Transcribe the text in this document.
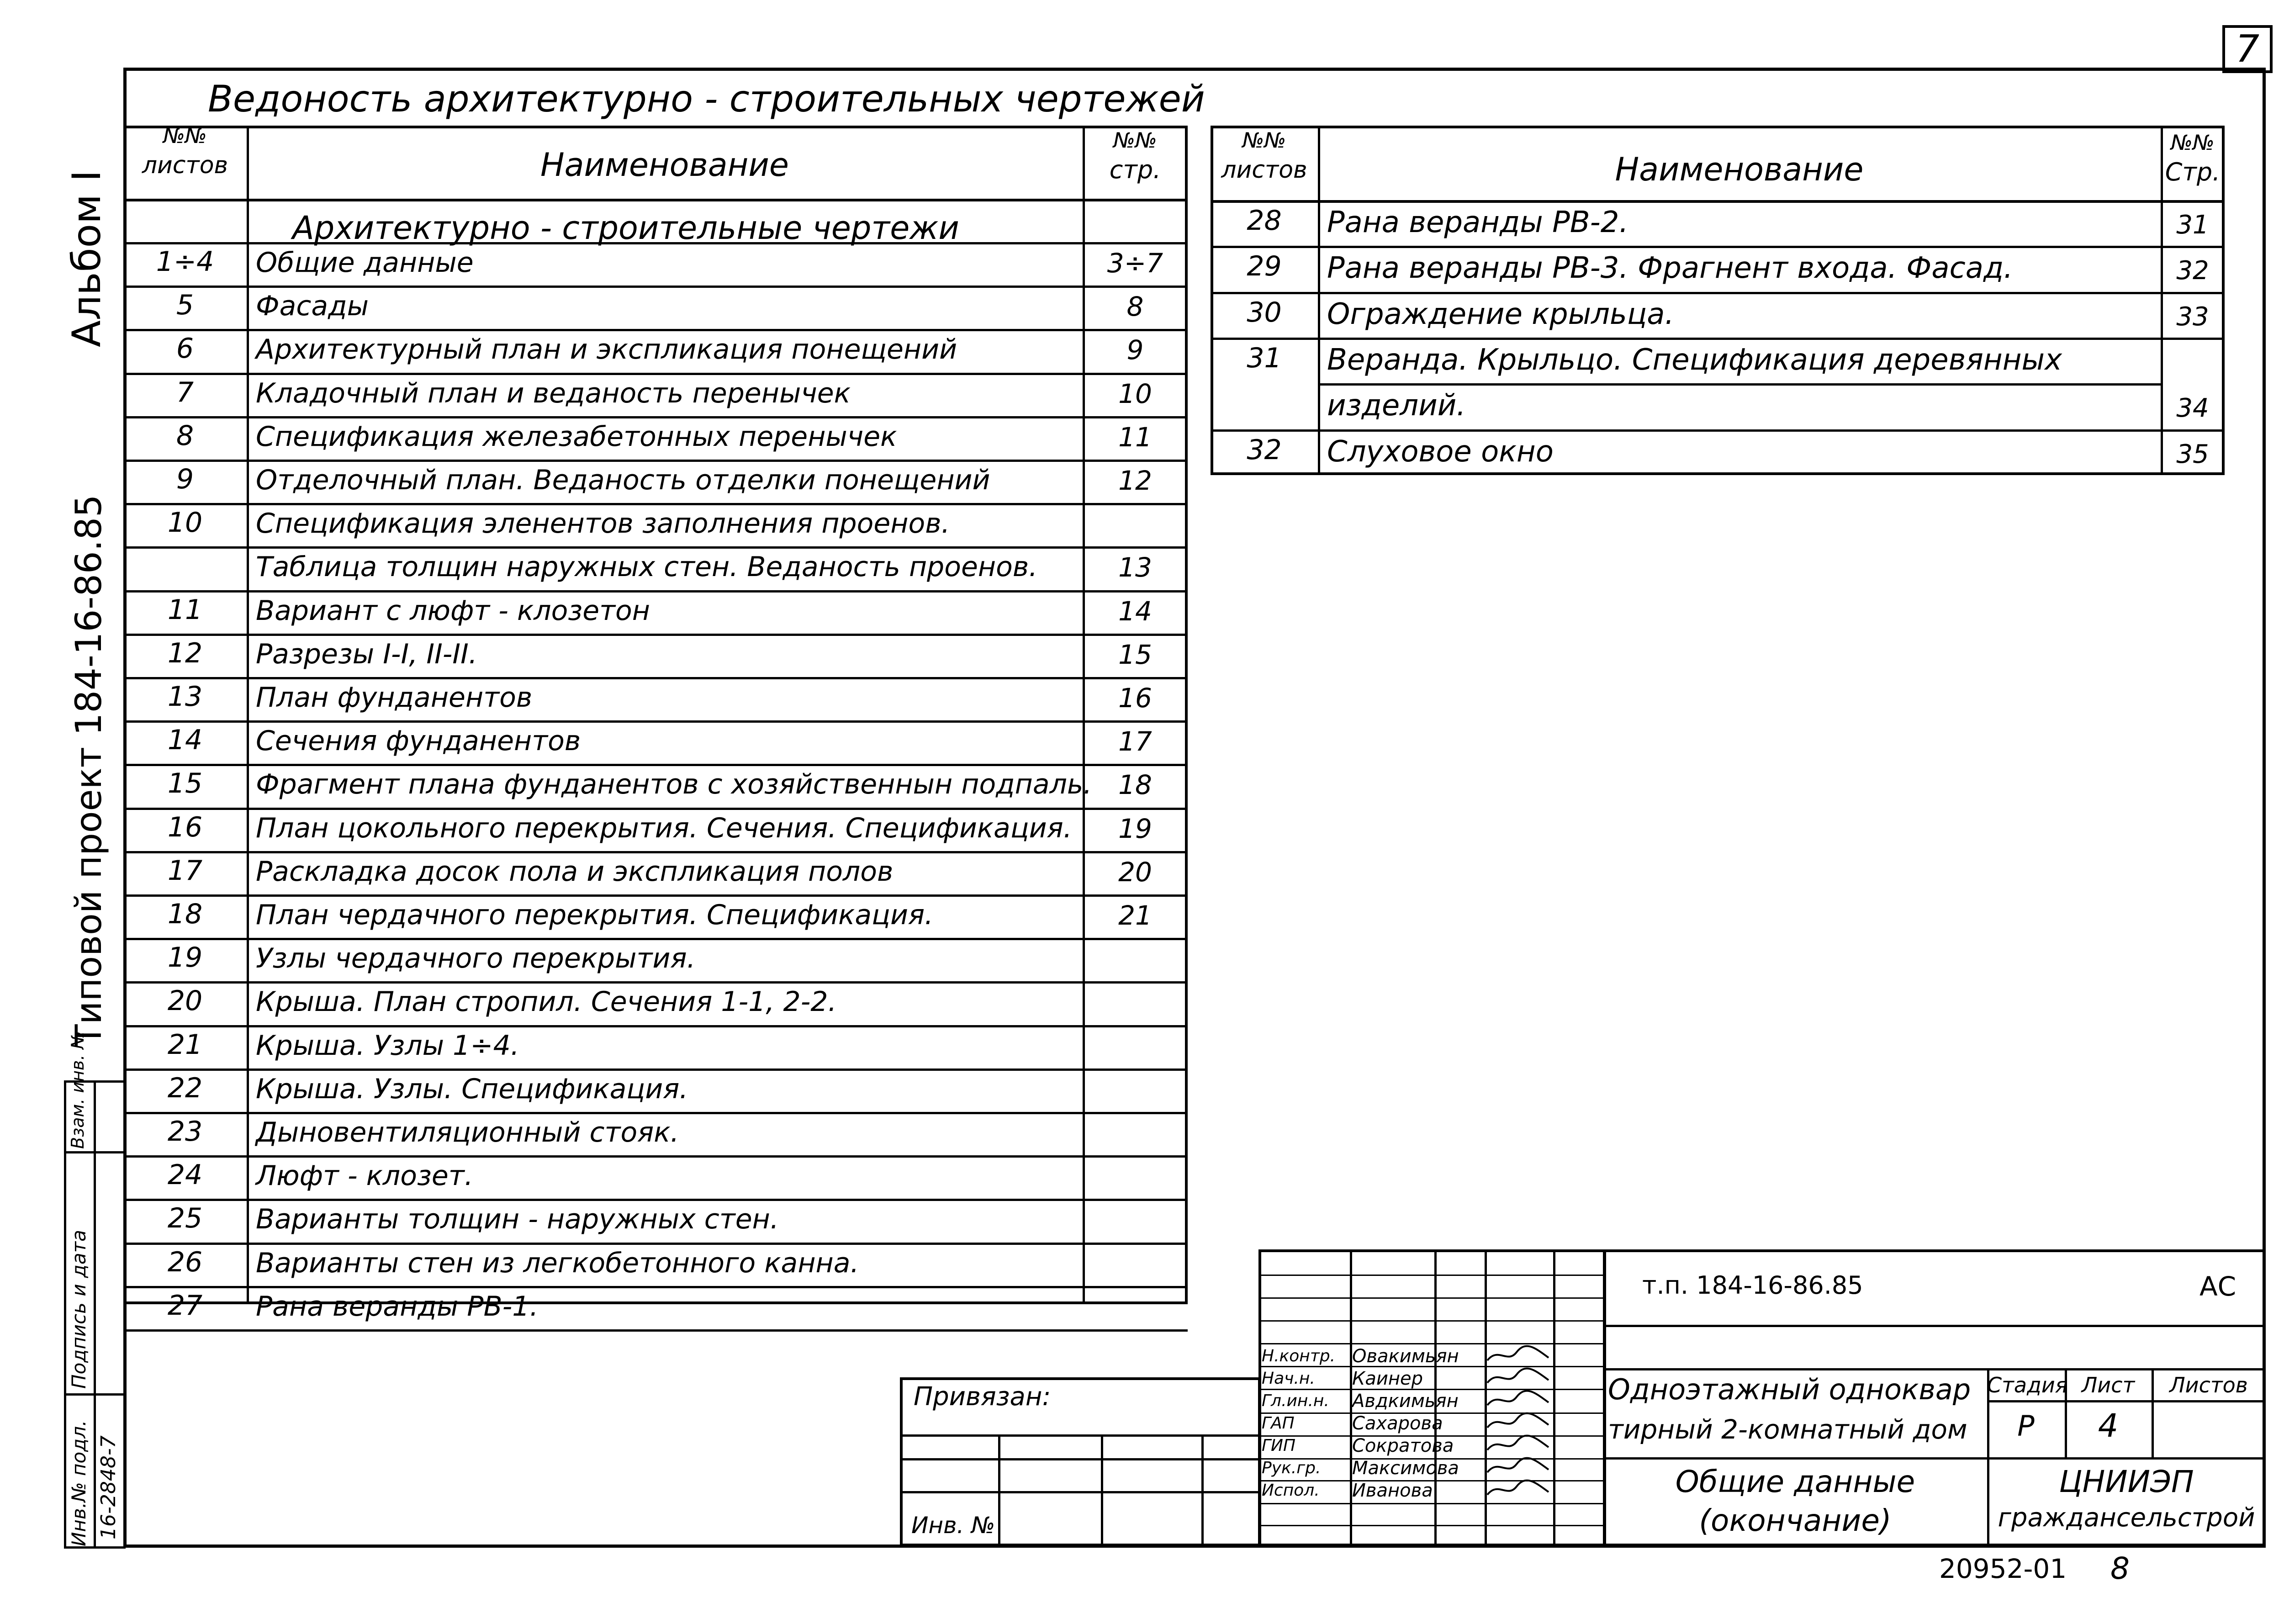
7
Альбом I
Типовой проект 184-16-86.85
Инв.№ подл. 16-2848-7
Подпись и дата
Взам. инв. №
Ведоность архитектурно - строительных чертежей
№№
листов	Наименование
№№
стр.
Архитектурно - строительные чертежи
1÷4	Общие данные	3÷7
5	Фасады	8
6	Архитектурный план и экспликация понещений	9
7	Кладочный план и веданость перенычек	10
8	Спецификация железабетонных перенычек	11
9	Отделочный план. Веданость отделки понещений	12
10	Спецификация эленентов заполнения проенов.
Таблица толщин наружных стен. Веданость проенов.	13
11	Вариант с люфт - клозетон	14
12	Разрезы I-I, II-II.	15
13	План фунданентов	16
14	Сечения фунданентов	17
15	Фрагмент плана фунданентов с хозяйственнын подпаль. 18
16	План цокольного перекрытия. Сечения. Спецификация.	19
17	Раскладка досок пола и экспликация полов	20
18	План чердачного перекрытия. Спецификация.	21
19	Узлы чердачного перекрытия.
20	Крыша. План стропил. Сечения 1-1, 2-2.
21	Крыша. Узлы 1÷4.
22	Крыша. Узлы. Спецификация.
23	Дыновентиляционный стояк.
24	Люфт - клозет.
25	Варианты толщин - наружных стен.
26	Варианты стен из легкобетонного канна.
27	Рана веранды РВ-1.
№№
листов	Наименование
№№
Стр.
28	Рана веранды РВ-2.	31
29	Рана веранды РВ-3. Фрагнент входа. Фасад.	32
30	Ограждение крыльца.	33
31	Веранда. Крыльцо. Спецификация деревянных
изделий.	34
32	Слуховое окно	35
Привязан:
Инв. №
т.п. 184-16-86.85	АС
Одноэтажный одноквар
тирный 2-комнатный дом
Стадия Лист	Листов
Р	4
Общие данные
(окончание)
ЦНИИЭП
граждансельстрой
Н.контр. Овакимьян
Нач.н. Каинер
Гл.ин.н. Авдкимьян
ГАП	Сахарова
ГИП	Сократова
Рук.гр. Максимова
Испол. Иванова
20952-01 8
